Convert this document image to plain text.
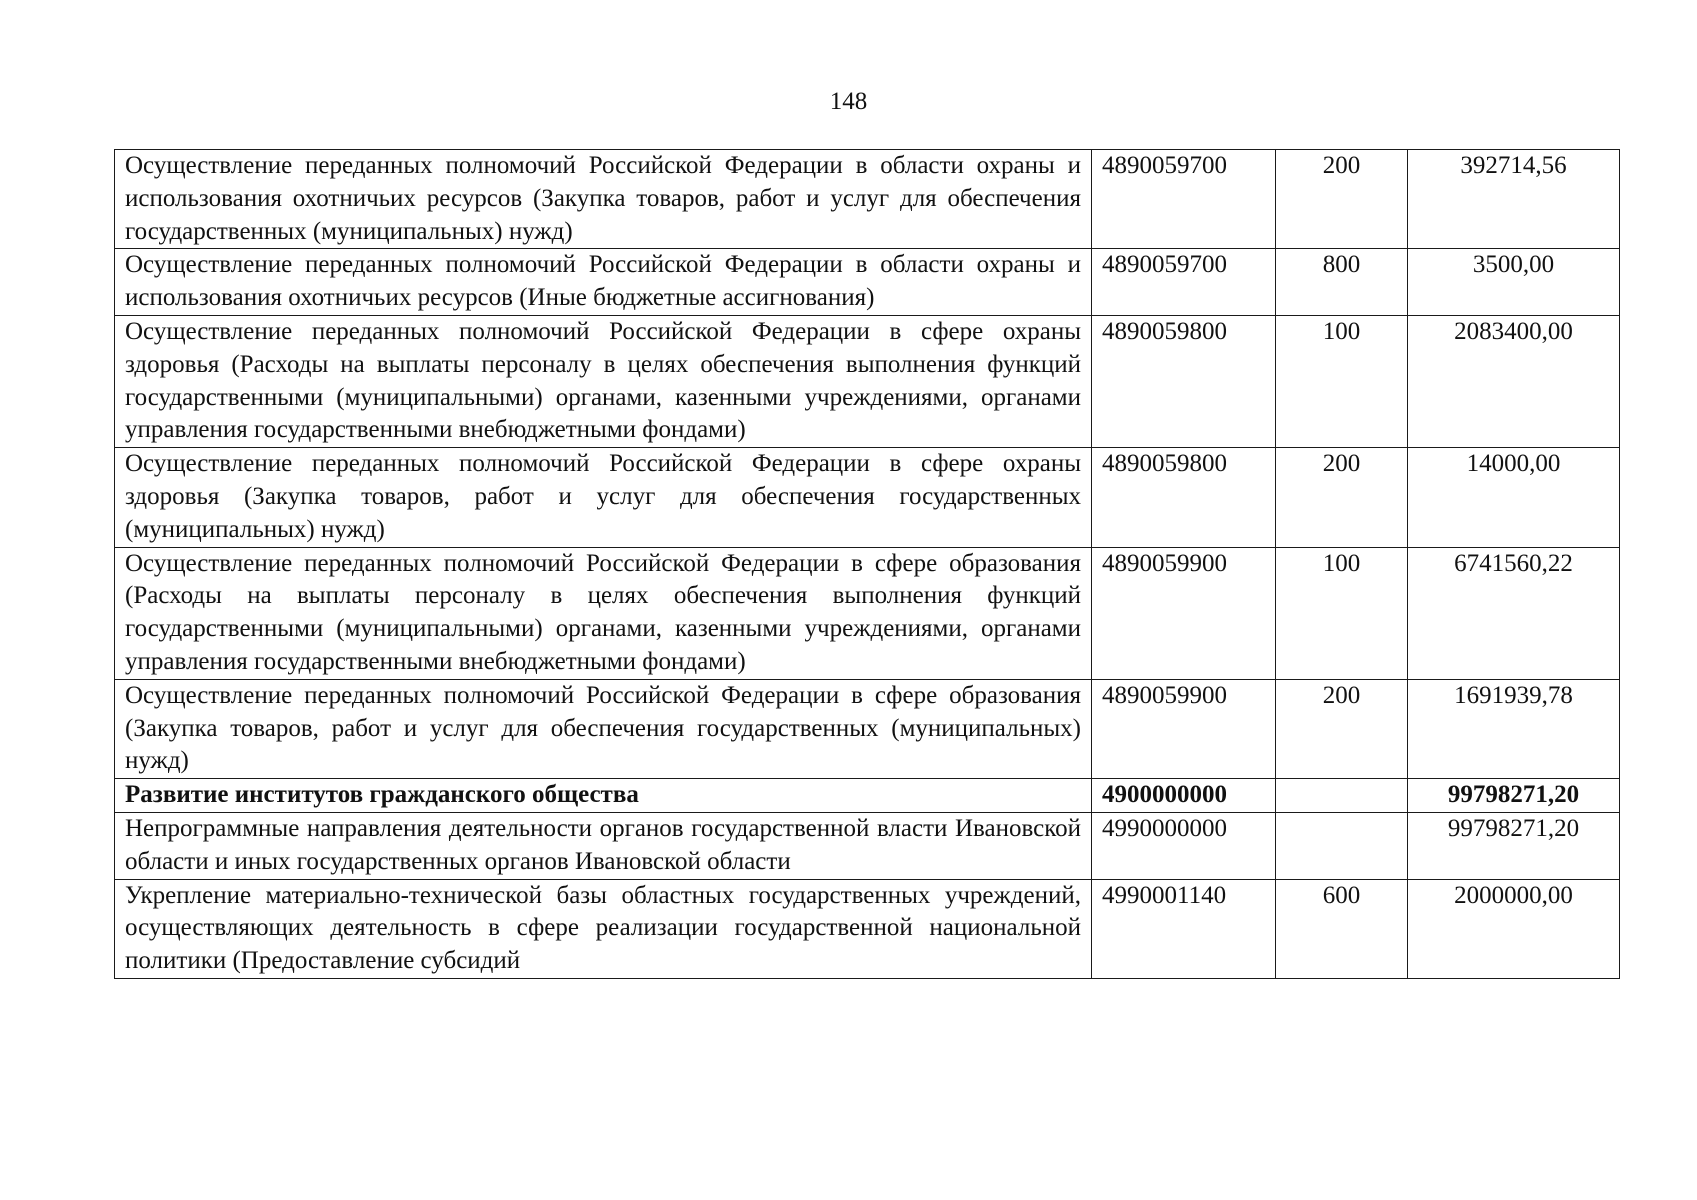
148
Осуществление переданных полномочий Российской Федерации в области охраны и использования охотничьих ресурсов (Закупка товаров, работ и услуг для обеспечения государственных (муниципальных) нужд)	4890059700	200	392714,56
Осуществление переданных полномочий Российской Федерации в области охраны и использования охотничьих ресурсов (Иные бюджетные ассигнования)	4890059700	800	3500,00
Осуществление переданных полномочий Российской Федерации в сфере охраны здоровья (Расходы на выплаты персоналу в целях обеспечения выполнения функций государственными (муниципальными) органами, казенными учреждениями, органами управления государственными внебюджетными фондами)	4890059800	100	2083400,00
Осуществление переданных полномочий Российской Федерации в сфере охраны здоровья (Закупка товаров, работ и услуг для обеспечения государственных (муниципальных) нужд)	4890059800	200	14000,00
Осуществление переданных полномочий Российской Федерации в сфере образования (Расходы на выплаты персоналу в целях обеспечения выполнения функций государственными (муниципальными) органами, казенными учреждениями, органами управления государственными внебюджетными фондами)	4890059900	100	6741560,22
Осуществление переданных полномочий Российской Федерации в сфере образования (Закупка товаров, работ и услуг для обеспечения государственных (муниципальных) нужд)	4890059900	200	1691939,78
Развитие институтов гражданского общества	4900000000		99798271,20
Непрограммные направления деятельности органов государственной власти Ивановской области и иных государственных органов Ивановской области	4990000000		99798271,20
Укрепление материально-технической базы областных государственных учреждений, осуществляющих деятельность в сфере реализации государственной национальной политики (Предоставление субсидий	4990001140	600	2000000,00
